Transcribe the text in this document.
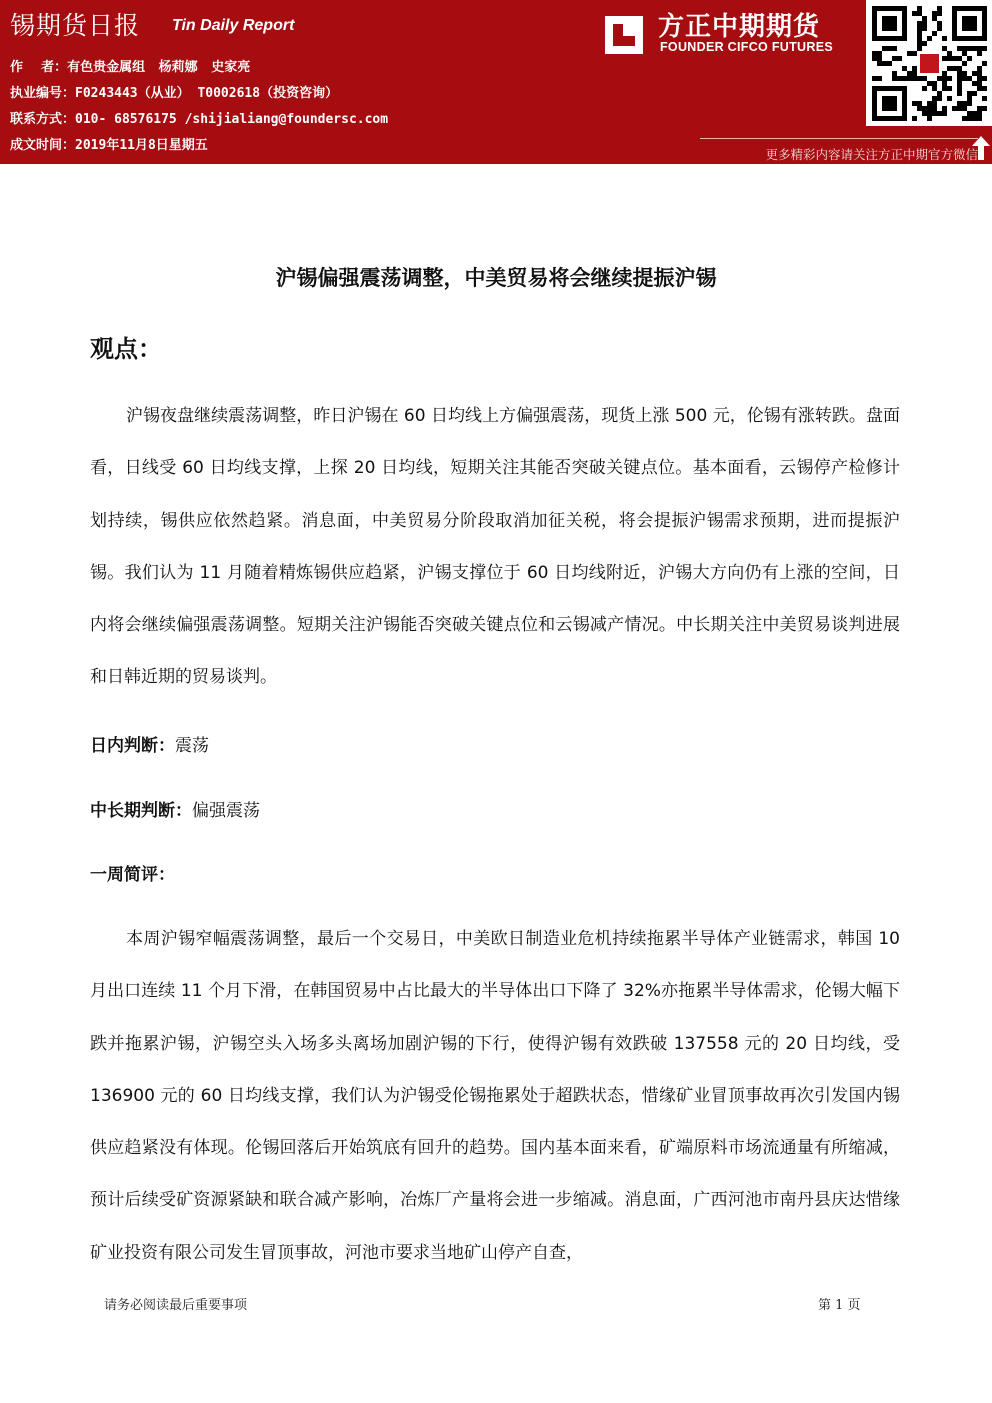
锡期货日报 Tin Daily Report
作    者：有色贵金属组   杨莉娜   史家亮
执业编号：F0243443（从业） T0002618（投资咨询）
联系方式：010- 68576175 /shijialiang@foundersc.com
成文时间：2019年11月8日星期五
方正中期期货
FOUNDER CIFCO FUTURES
更多精彩内容请关注方正中期官方微信
沪锡偏强震荡调整，中美贸易将会继续提振沪锡
观点：
沪锡夜盘继续震荡调整，昨日沪锡在 60 日均线上方偏强震荡，现货上涨 500 元，伦锡有涨转跌。盘面看，日线受 60 日均线支撑，上探 20 日均线，短期关注其能否突破关键点位。基本面看，云锡停产检修计划持续，锡供应依然趋紧。消息面，中美贸易分阶段取消加征关税，将会提振沪锡需求预期，进而提振沪锡。我们认为 11 月随着精炼锡供应趋紧，沪锡支撑位于 60 日均线附近，沪锡大方向仍有上涨的空间，日内将会继续偏强震荡调整。短期关注沪锡能否突破关键点位和云锡减产情况。中长期关注中美贸易谈判进展和日韩近期的贸易谈判。
日内判断：震荡
中长期判断：偏强震荡
一周简评：
本周沪锡窄幅震荡调整，最后一个交易日，中美欧日制造业危机持续拖累半导体产业链需求，韩国 10 月出口连续 11 个月下滑，在韩国贸易中占比最大的半导体出口下降了 32%亦拖累半导体需求，伦锡大幅下跌并拖累沪锡，沪锡空头入场多头离场加剧沪锡的下行，使得沪锡有效跌破 137558 元的 20 日均线，受 136900 元的 60 日均线支撑，我们认为沪锡受伦锡拖累处于超跌状态，惜缘矿业冒顶事故再次引发国内锡供应趋紧没有体现。伦锡回落后开始筑底有回升的趋势。国内基本面来看，矿端原料市场流通量有所缩减，预计后续受矿资源紧缺和联合减产影响，冶炼厂产量将会进一步缩减。消息面，广西河池市南丹县庆达惜缘矿业投资有限公司发生冒顶事故，河池市要求当地矿山停产自查，
请务必阅读最后重要事项	第 1 页
